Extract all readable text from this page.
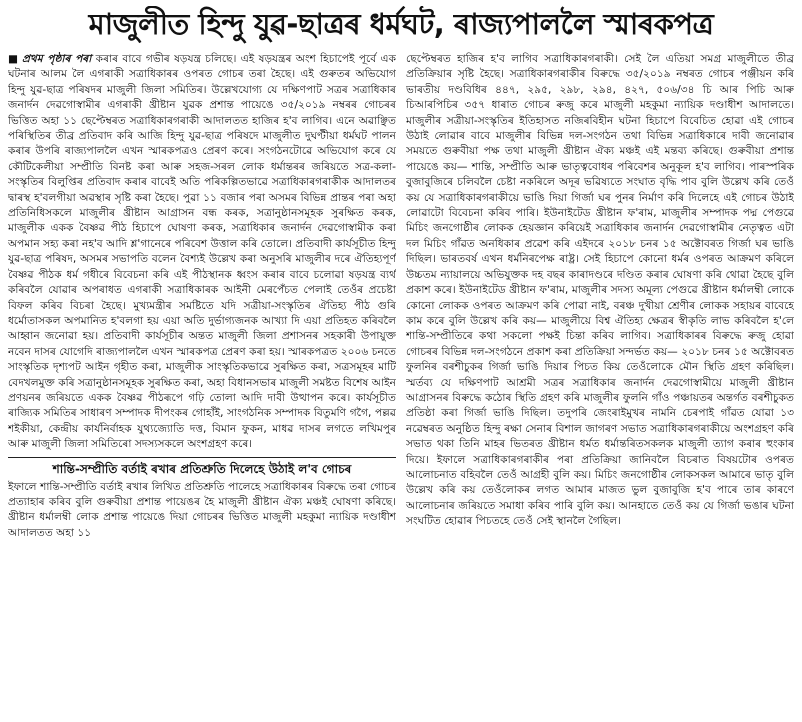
মাজুলীত হিন্দু যুৱ-ছাত্ৰৰ ধৰ্মঘট, ৰাজ্যপাললৈ স্মাৰকপত্ৰ

■ প্ৰথম পৃষ্ঠাৰ পৰা কৰাৰ বাবে গভীৰ ষড়যন্ত্ৰ চলিছে। এই ষড়যন্ত্ৰৰ অংশ হিচাপেই পূৰ্বে এক ঘটনাৰ আলম লৈ এগৰাকী সত্ৰাধিকাৰৰ ওপৰত গোচৰ তৰা হৈছে। এই গুৰুতৰ অভিযোগ হিন্দু যুৱ-ছাত্ৰ পৰিষদৰ মাজুলী জিলা সমিতিৰ। উল্লেখযোগ্য যে দক্ষিণপাট সত্ৰৰ সত্ৰাধিকাৰ জনাৰ্দন দেৱগোস্বামীৰ এগৰাকী খ্ৰীষ্টান যুৱক প্ৰশান্ত পায়েঙে ৩৫/২০১৯ নম্বৰৰ গোচৰৰ ভিত্তিত অহা ১১ ছেপ্টেম্বৰত সত্ৰাধিকাৰগৰাকী আদালতত হাজিৰ হ'ব লাগিব। এনে অৱাঞ্ছিত পৰিস্থিতিৰ তীব্ৰ প্ৰতিবাদ কৰি আজি হিন্দু যুৱ-ছাত্ৰ পৰিষদে মাজুলীত দুঘণ্টীয়া ধৰ্মঘট পালন কৰাৰ উপৰি ৰাজ্যপাললৈ এখন স্মাৰকপত্ৰও প্ৰেৰণ কৰে। সংগঠনটোৱে অভিযোগ কৰে যে কৌটিকেলীয়া সম্প্ৰীতি বিনষ্ট কৰা আৰু সহজ-সৰল লোক ধৰ্মান্তৰৰ জৰিয়তে সত্ৰ-কলা-সংস্কৃতিৰ বিলুপ্তিৰ প্ৰতিবাদ কৰাৰ বাবেই অতি পৰিকল্পিতভাৱে সত্ৰাধিকাৰগৰাকীক আদালতৰ দ্বাৰস্থ হ'বলগীয়া অৱস্থাৰ সৃষ্টি কৰা হৈছে। পুৱা ১১ বজাৰ পৰা অসমৰ বিভিন্ন প্ৰান্তৰ পৰা অহা প্ৰতিনিধিসকলে মাজুলীৰ খ্ৰীষ্টান আগ্ৰাসন বন্ধ কৰক, সত্ৰানুষ্ঠানসমূহক সুৰক্ষিত কৰক, মাজুলীক একক বৈষ্ণৱ পীঠ হিচাপে ঘোষণা কৰক, সত্ৰাধিকাৰ জনাৰ্দন দেৱগোস্বামীক কৰা অপমান সহ্য কৰা নহ'ব আদি শ্ল'গানেৰে পৰিবেশ উত্তাল কৰি তোলে। প্ৰতিবাদী কাৰ্যসূচীত হিন্দু যুৱ-ছাত্ৰ পৰিষদ, অসমৰ সভাপতি বলেন বৈশ্যই উল্লেখ কৰা অনুসৰি মাজুলীৰ দৰে ঐতিহ্যপূৰ্ণ বৈষ্ণৱ পীঠক ধৰ্ম গধীৰে বিবেচনা কৰি এই পীঠস্থানক ধ্বংস কৰাৰ বাবে চলোৱা ষড়যন্ত্ৰ ব্যৰ্থ কৰিবলৈ যোৱাৰ অপৰাধত এগৰাকী সত্ৰাধিকাৰক আইনী মেৰপেঁচত পেলাই তেওঁৰ প্ৰচেষ্টা বিফল কৰিব বিচৰা হৈছে। মুখ্যমন্ত্ৰীৰ সমষ্টিতে যদি সত্ৰীয়া-সংস্কৃতিৰ ঐতিহ্য পীঠ গুৰি ধৰ্মোতাসকল অপমানিত হ'বলগা হয় এয়া অতি দুৰ্ভাগ্যজনক আখ্যা দি এয়া প্ৰতিহত কৰিবলৈ আহ্বান জনোৱা হয়। প্ৰতিবাদী কাৰ্যসূচীৰ অন্তত মাজুলী জিলা প্ৰশাসনৰ সহকাৰী উপায়ুক্ত নবেন দাসৰ যোগেদি ৰাজ্যপাললৈ এখন স্মাৰকপত্ৰ প্ৰেৰণ কৰা হয়। স্মাৰকপত্ৰত ২০০৬ চনতে সাংস্কৃতিক দৃশ্যপট আইন গৃহীত কৰা, মাজুলীক সাংস্কৃতিকভাৱে সুৰক্ষিত কৰা, সত্ৰসমূহৰ মাটি বেদখলমুক্ত কৰি সত্ৰানুষ্ঠানসমূহক সুৰক্ষিত কৰা, অহা বিধানসভাৰ মাজুলী সমষ্টত বিশেষ আইন প্ৰণয়নৰ জৰিয়তে একক বৈষ্ণৱ পীঠৰূপে গঢ়ি তোলা আদি দাবী উত্থাপন কৰে। কাৰ্যসূচীত ৰাজ্যিক সমিতিৰ সাধাৰণ সম্পাদক দীপংকৰ গোহাঁই, সাংগঠনিক সম্পাদক বিতুমণি গগৈ, পল্লৱ শইকীয়া, কেন্দ্ৰীয় কাৰ্যনিৰ্বাহক যুথ্যজ্যোতি দত্ত, বিমান ফুকন, মাধৱ দাসৰ লগতে লখিমপুৰ আৰু মাজুলী জিলা সমিতিৰো সদস্যসকলে অংশগ্ৰহণ কৰে।

শান্তি-সম্প্ৰীতি বৰ্তাই ৰখাৰ প্ৰতিশ্ৰুতি দিলেহে উঠাই ল'ব গোচৰ

ইফালে শান্তি-সম্প্ৰীতি বৰ্তাই ৰখাৰ লিখিত প্ৰতিশ্ৰুতি পালেহে সত্ৰাধিকাৰৰ বিৰুদ্ধে তৰা গোচৰ প্ৰত্যাহাৰ কৰিব বুলি গুৰুবীয়া প্ৰশান্ত পায়েঙৰ হৈ মাজুলী খ্ৰীষ্টান ঐক্য মঞ্চই ঘোষণা কৰিছে। খ্ৰীষ্টান ধৰ্মালম্বী লোক প্ৰশান্ত পায়েঙে দিয়া গোচৰৰ ভিত্তিত মাজুলী মহকুমা ন্যায়িক দণ্ডাধীশ আদালতত অহা ১১

ছেপ্টেম্বৰত হাজিৰ হ'ব লাগিব সত্ৰাধিকাৰগৰাকী। সেই লৈ এতিয়া সমগ্ৰ মাজুলীতে তীব্ৰ প্ৰতিক্ৰিয়াৰ সৃষ্টি হৈছে। সত্ৰাধিকাৰগৰাকীৰ বিৰুদ্ধে ৩৫/২০১৯ নম্বৰত গোচৰ পঞ্জীয়ন কৰি ভাৰতীয় দণ্ডবিধিৰ ৪৪৭, ২৯৫, ২৯৮, ২৯৪, ৪২৭, ৫০৬/৩৪ চি আৰ পিচি আৰু চিআৰপিচিৰ ৩৫৭ ধাৰাত গোচৰ ৰুজু কৰে মাজুলী মহকুমা ন্যায়িক দণ্ডাধীশ আদালতে। মাজুলীৰ সত্ৰীয়া-সংস্কৃতিৰ ইতিহাসত নজিৰবিহীন ঘটনা হিচাপে বিবেচিত হোৱা এই গোচৰ উঠাই লোৱাৰ বাবে মাজুলীৰ বিভিন্ন দল-সংগঠন তথা বিভিন্ন সত্ৰাধিকাৰে দাবী জনোৱাৰ সময়তে গুৰুবীয়া পক্ষ তথা মাজুলী খ্ৰীষ্টান ঐক্য মঞ্চই এই মন্তব্য কৰিছে। গুৰুবীয়া প্ৰশান্ত পায়েঙে কয়— শান্তি, সম্প্ৰীতি আৰু ভাতৃত্ববোধৰ পৰিবেশৰ অনুকূল হ'ব লাগিব। পাৰস্পৰিক বুজাবুজিৰে চলিবলৈ চেষ্টা নকৰিলে অদূৰ ভৱিষ্যতে সংঘাত বৃদ্ধি পাব বুলি উল্লেখ কৰি তেওঁ কয় যে সত্ৰাধিকাৰগৰাকীয়ে ভাঙি দিয়া গিৰ্জা ঘৰ পুনৰ নিৰ্মাণ কৰি দিলেহে এই গোচৰ উঠাই লোৱাটো বিবেচনা কৰিব পাৰি। ইউনাইটেড খ্ৰীষ্টান ফ'ৰাম, মাজুলীৰ সম্পাদক পদ্ম পেগুৱে মিচিং জনগোষ্ঠীৰ লোকক হেয়জ্ঞান কৰিয়েই সত্ৰাধিকাৰ জনাৰ্দন দেৱগোস্বামীৰ নেতৃত্বত এটা দল মিচিং গাঁৱত অনধিকাৰ প্ৰৱেশ কৰি এইদৰে ২০১৮ চনৰ ১৫ অক্টোবৰত গিৰ্জা ঘৰ ভাঙি দিছিল। ভাৰতবৰ্ষ এখন ধৰ্মনিৰপেক্ষ ৰাষ্ট্ৰ। সেই হিচাপে কোনো ধৰ্মৰ ওপৰত আক্ৰমণ কৰিলে উচ্চতম ন্যায়ালয়ে অভিযুক্তক দহ বছৰ কাৰাদণ্ডৰে দণ্ডিত কৰাৰ ঘোষণা কৰি থোৱা হৈছে বুলি প্ৰকাশ কৰে। ইউনাইটেড খ্ৰীষ্টান ফ'ৰাম, মাজুলীৰ সদস্য অমূল্য পেগুৱে খ্ৰীষ্টান ধৰ্মালম্বী লোকে কোনো লোকক ওপৰত আক্ৰমণ কৰি পোৱা নাই, বৰঞ্চ দুখীয়া শ্ৰেণীৰ লোকক সহায়ৰ বাবেহে কাম কৰে বুলি উল্লেখ কৰি কয়— মাজুলীয়ে বিশ্ব ঐতিহ্য ক্ষেত্ৰৰ স্বীকৃতি লাভ কৰিবলৈ হ'লে শান্তি-সম্প্ৰীতিৰে কথা সকলো পক্ষই চিন্তা কৰিব লাগিব। সত্ৰাধিকাৰৰ বিৰুদ্ধে ৰুজু হোৱা গোচৰৰ বিভিন্ন দল-সংগঠনে প্ৰকাশ কৰা প্ৰতিক্ৰিয়া সন্দৰ্ভত কয়— ২০১৮ চনৰ ১৫ অক্টোবৰত ফুলনিৰ বৰশীচুকৰ গিৰ্জা ভাঙি দিয়াৰ পিচত কিয় তেওঁলোকে মৌন স্থিতি গ্ৰহণ কৰিছিল। স্মৰ্তব্য যে দক্ষিণপাট আশ্ৰমী সত্ৰৰ সত্ৰাধিকাৰ জনাৰ্দন দেৱগোস্বামীয়ে মাজুলী খ্ৰীষ্টান আগ্ৰাসনৰ বিৰুদ্ধে কঠোৰ স্থিতি গ্ৰহণ কৰি মাজুলীৰ ফুলনি গাঁও পঞ্চায়তৰ অন্তৰ্গত বৰশীচুকত প্ৰতিষ্ঠা কৰা গিৰ্জা ভাঙি দিছিল। তদুপৰি জেংৰাইমুখৰ নামনি চেৰপাই গাঁৱত যোৱা ১৩ নৱেম্বৰত অনুষ্ঠিত হিন্দু ৰক্ষা সেনাৰ বিশাল জাগৰণ সভাত সত্ৰাধিকাৰগৰাকীয়ে অংশগ্ৰহণ কৰি সভাত থকা তিনি মাহৰ ভিতৰত খ্ৰীষ্টান ধৰ্মত ধৰ্মান্তৰিতসকলক মাজুলী ত্যাগ কৰাৰ হুংকাৰ দিয়ে। ইফালে সত্ৰাধিকাৰগৰাকীৰ পৰা প্ৰতিক্ৰিয়া জানিবলৈ বিচৰাত বিষয়টোৰ ওপৰত আলোচনাত বহিবলৈ তেওঁ আগ্ৰহী বুলি কয়। মিচিং জনগোষ্ঠীৰ লোকসকল আমাৰে ভাতৃ বুলি উল্লেখ কৰি কয় তেওঁলোকৰ লগত আমাৰ মাজত ভুল বুজাবুজি হ'ব পাৰে তাৰ কাৰণে আলোচনাৰ জৰিয়তে সমাধা কৰিব পাৰি বুলি কয়। আনহাতে তেওঁ কয় যে গিৰ্জা ভঙাৰ ঘটনা সংঘটিত হোৱাৰ পিচতহে তেওঁ সেই স্থানলৈ গৈছিল।
